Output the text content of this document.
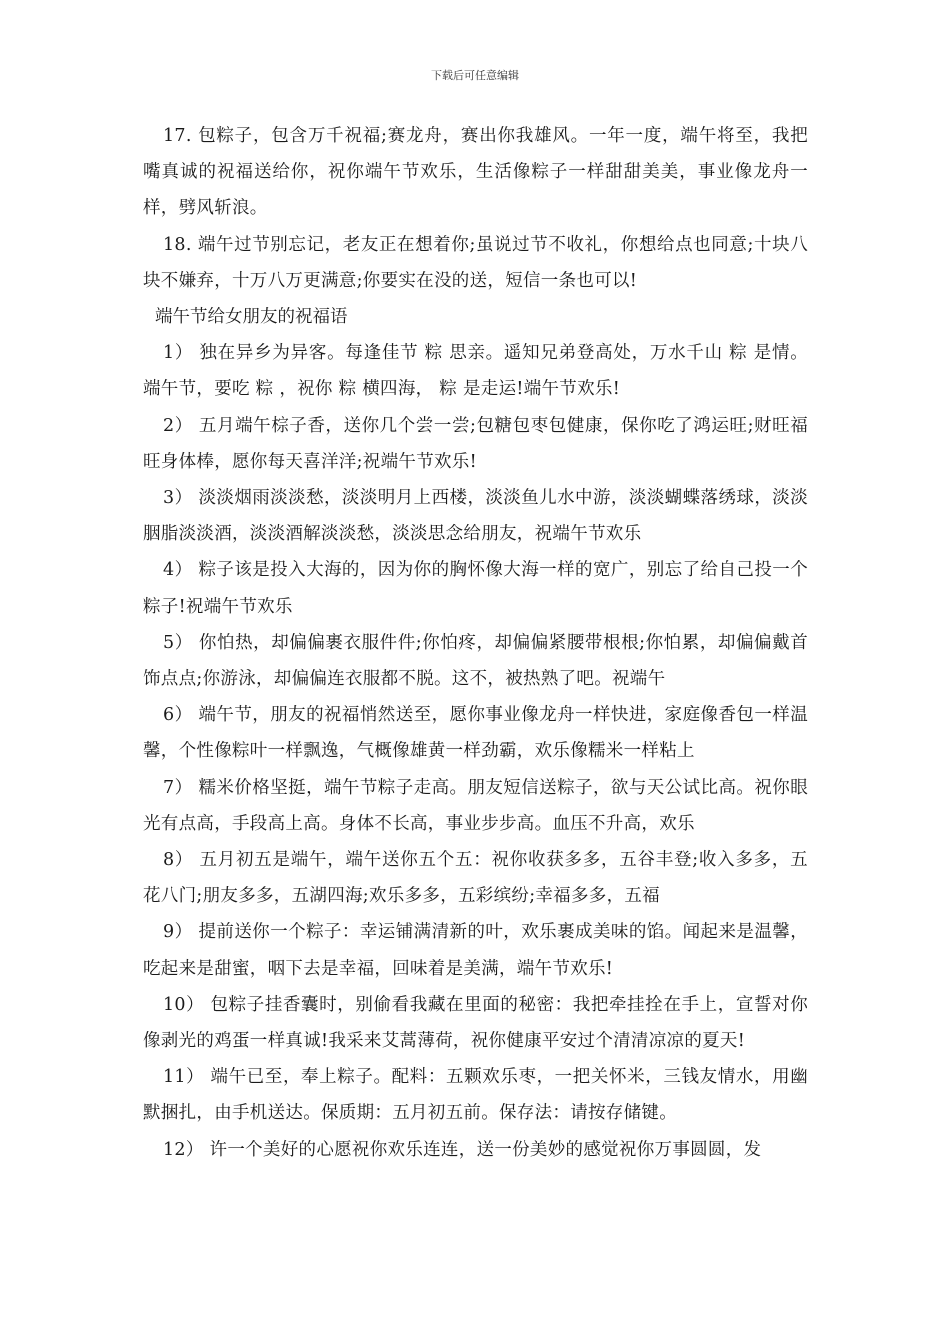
下载后可任意编辑

17. 包粽子，包含万千祝福;赛龙舟，赛出你我雄风。一年一度，端午将至，我把嘴真诚的祝福送给你，祝你端午节欢乐，生活像粽子一样甜甜美美，事业像龙舟一样，劈风斩浪。

18. 端午过节别忘记，老友正在想着你;虽说过节不收礼，你想给点也同意;十块八块不嫌弃，十万八万更满意;你要实在没的送，短信一条也可以!

端午节给女朋友的祝福语

1） 独在异乡为异客。每逢佳节 粽 思亲。遥知兄弟登高处，万水千山 粽 是情。端午节，要吃 粽 ，祝你 粽 横四海， 粽 是走运!端午节欢乐!

2） 五月端午棕子香，送你几个尝一尝;包糖包枣包健康，保你吃了鸿运旺;财旺福旺身体棒，愿你每天喜洋洋;祝端午节欢乐!

3） 淡淡烟雨淡淡愁，淡淡明月上西楼，淡淡鱼儿水中游，淡淡蝴蝶落绣球，淡淡胭脂淡淡酒，淡淡酒解淡淡愁，淡淡思念给朋友，祝端午节欢乐

4） 粽子该是投入大海的，因为你的胸怀像大海一样的宽广，别忘了给自己投一个粽子!祝端午节欢乐

5） 你怕热，却偏偏裹衣服件件;你怕疼，却偏偏紧腰带根根;你怕累，却偏偏戴首饰点点;你游泳，却偏偏连衣服都不脱。这不，被热熟了吧。祝端午

6） 端午节，朋友的祝福悄然送至，愿你事业像龙舟一样快进，家庭像香包一样温馨，个性像粽叶一样飘逸，气概像雄黄一样劲霸，欢乐像糯米一样粘上

7） 糯米价格坚挺，端午节粽子走高。朋友短信送粽子，欲与天公试比高。祝你眼光有点高，手段高上高。身体不长高，事业步步高。血压不升高，欢乐

8） 五月初五是端午，端午送你五个五：祝你收获多多，五谷丰登;收入多多，五花八门;朋友多多，五湖四海;欢乐多多，五彩缤纷;幸福多多，五福

9） 提前送你一个粽子：幸运铺满清新的叶，欢乐裹成美味的馅。闻起来是温馨，吃起来是甜蜜，咽下去是幸福，回味着是美满，端午节欢乐!

10） 包粽子挂香囊时，别偷看我藏在里面的秘密：我把牵挂拴在手上，宣誓对你像剥光的鸡蛋一样真诚!我采来艾蒿薄荷，祝你健康平安过个清清凉凉的夏天!

11） 端午已至，奉上粽子。配料：五颗欢乐枣，一把关怀米，三钱友情水，用幽默捆扎，由手机送达。保质期：五月初五前。保存法：请按存储键。

12） 许一个美好的心愿祝你欢乐连连，送一份美妙的感觉祝你万事圆圆，发
